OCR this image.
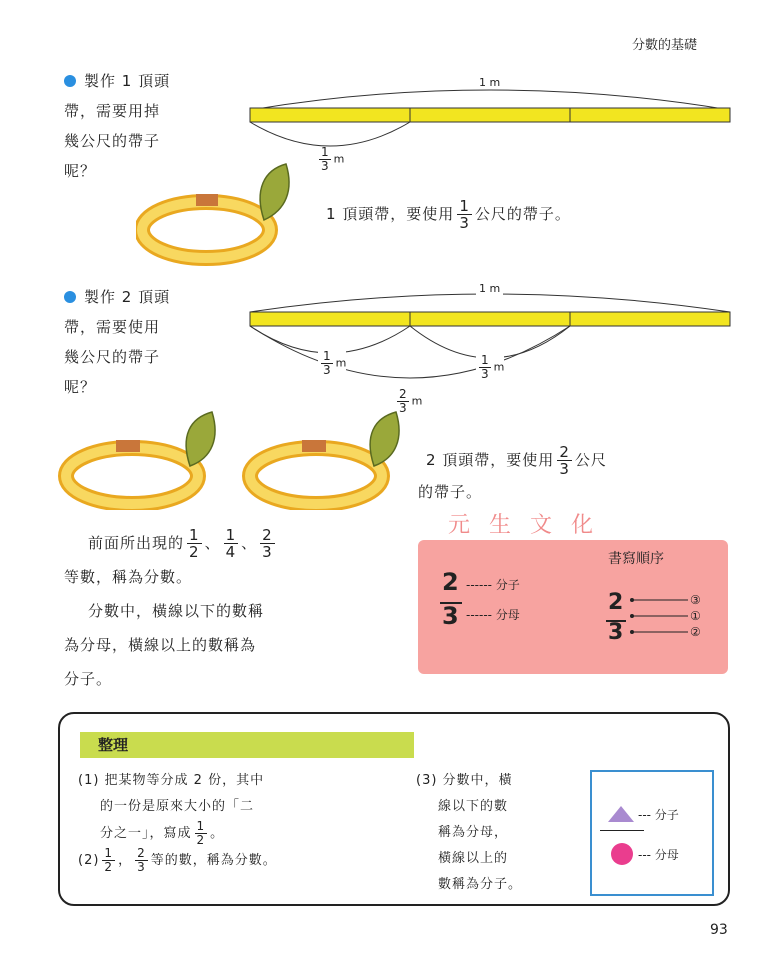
分數的基礎
製作 1 頂頭
帶，需要用掉
幾公尺的帶子
呢？
1 m
$\frac{1}{3}$ m
1 頂頭帶，要使用 $\frac{1}{3}$ 公尺的帶子。
製作 2 頂頭
帶，需要使用
幾公尺的帶子
呢？
1 m
$\frac{1}{3}$ m	$\frac{1}{3}$ m
$\frac{2}{3}$ m
2 頂頭帶，要使用 $\frac{2}{3}$ 公尺
的帶子。
元 生 文 化
前面所出現的 $\frac{1}{2}$ 、 $\frac{1}{4}$ 、 $\frac{2}{3}$
等數，稱為分數。
分數中，橫線以下的數稱
為分母，橫線以上的數稱為
分子。
書寫順序
2
3
------ 分子
------ 分母	2
3
③
①
②
整理
(1) 把某物等分成 2 份，其中
的一份是原來大小的「二
分之一」，寫成 $\frac{1}{2}$ 。
$(2) \frac{1}{2}$ ， $\frac{2}{3}$ 等的數，稱為分數。
(3) 分數中，橫
線以下的數
稱為分母，
橫線以上的
數稱為分子。
--- 分子
--- 分母
93
